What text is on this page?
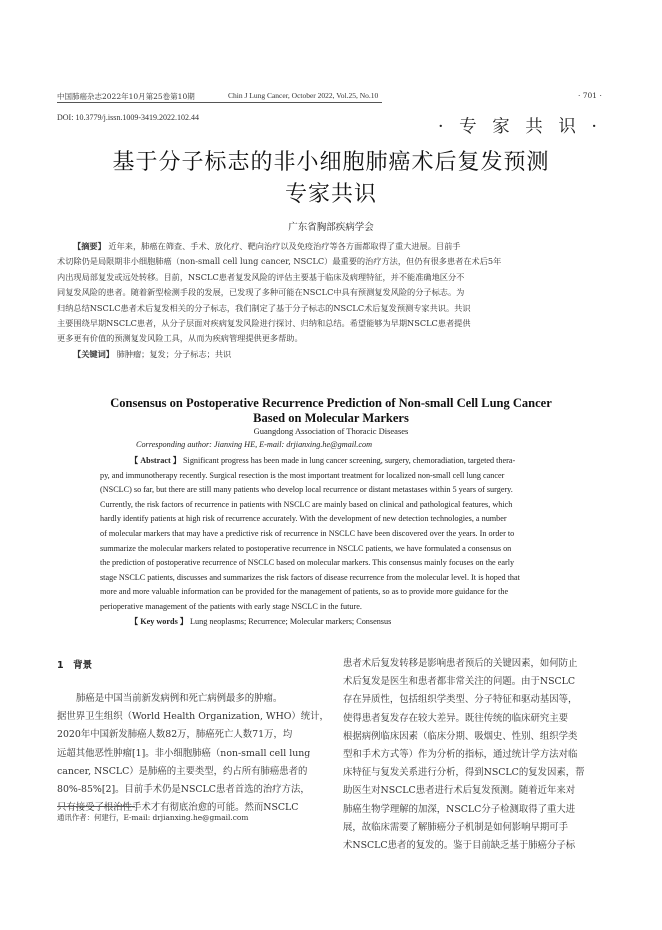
中国肺癌杂志2022年10月第25卷第10期	Chin J Lung Cancer, October 2022, Vol.25, No.10	· 701 ·
DOI: 10.3779/j.issn.1009-3419.2022.102.44	· 专 家 共 识 ·
基于分子标志的非小细胞肺癌术后复发预测
专家共识
广东省胸部疾病学会
【摘要】 近年来，肺癌在筛查、手术、放化疗、靶向治疗以及免疫治疗等各方面都取得了重大进展。目前手
术切除仍是局限期非小细胞肺癌（non-small cell lung cancer, NSCLC）最重要的治疗方法，但仍有很多患者在术后5年
内出现局部复发或远处转移。目前，NSCLC患者复发风险的评估主要基于临床及病理特征，并不能准确地区分不
同复发风险的患者。随着新型检测手段的发展，已发现了多种可能在NSCLC中具有预测复发风险的分子标志。为
归纳总结NSCLC患者术后复发相关的分子标志，我们制定了基于分子标志的NSCLC术后复发预测专家共识。共识
主要围绕早期NSCLC患者，从分子层面对疾病复发风险进行探讨、归纳和总结。希望能够为早期NSCLC患者提供
更多更有价值的预测复发风险工具，从而为疾病管理提供更多帮助。
【关键词】 肺肿瘤；复发；分子标志；共识
Consensus on Postoperative Recurrence Prediction of Non-small Cell Lung Cancer
Based on Molecular Markers
Guangdong Association of Thoracic Diseases
Corresponding author: Jianxing HE, E-mail: drjianxing.he@gmail.com
【 Abstract 】 Significant progress has been made in lung cancer screening, surgery, chemoradiation, targeted thera-
py, and immunotherapy recently. Surgical resection is the most important treatment for localized non-small cell lung cancer
(NSCLC) so far, but there are still many patients who develop local recurrence or distant metastases within 5 years of surgery.
Currently, the risk factors of recurrence in patients with NSCLC are mainly based on clinical and pathological features, which
hardly identify patients at high risk of recurrence accurately. With the development of new detection technologies, a number
of molecular markers that may have a predictive risk of recurrence in NSCLC have been discovered over the years. In order to
summarize the molecular markers related to postoperative recurrence in NSCLC patients, we have formulated a consensus on
the prediction of postoperative recurrence of NSCLC based on molecular markers. This consensus mainly focuses on the early
stage NSCLC patients, discusses and summarizes the risk factors of disease recurrence from the molecular level. It is hoped that
more and more valuable information can be provided for the management of patients, so as to provide more guidance for the
perioperative management of the patients with early stage NSCLC in the future.
【 Key words 】 Lung neoplasms; Recurrence; Molecular markers; Consensus
1　背景
肺癌是中国当前新发病例和死亡病例最多的肿瘤。
据世界卫生组织（World Health Organization, WHO）统计，
2020年中国新发肺癌人数82万，肺癌死亡人数71万，均
远超其他恶性肿瘤[1]。非小细胞肺癌（non-small cell lung
cancer, NSCLC）是肺癌的主要类型，约占所有肺癌患者的
80%-85%[2]。目前手术仍是NSCLC患者首选的治疗方法，
只有接受了根治性手术才有彻底治愈的可能。然而NSCLC
患者术后复发转移是影响患者预后的关键因素，如何防止
术后复发是医生和患者都非常关注的问题。由于NSCLC
存在异质性，包括组织学类型、分子特征和驱动基因等，
使得患者复发存在较大差异。既往传统的临床研究主要
根据病例临床因素（临床分期、吸烟史、性别、组织学类
型和手术方式等）作为分析的指标，通过统计学方法对临
床特征与复发关系进行分析，得到NSCLC的复发因素，帮
助医生对NSCLC患者进行术后复发预测。随着近年来对
肺癌生物学理解的加深，NSCLC分子检测取得了重大进
展，故临床需要了解肺癌分子机制是如何影响早期可手
术NSCLC患者的复发的。鉴于目前缺乏基于肺癌分子标
通讯作者：何建行，E-mail: drjianxing.he@gmail.com
